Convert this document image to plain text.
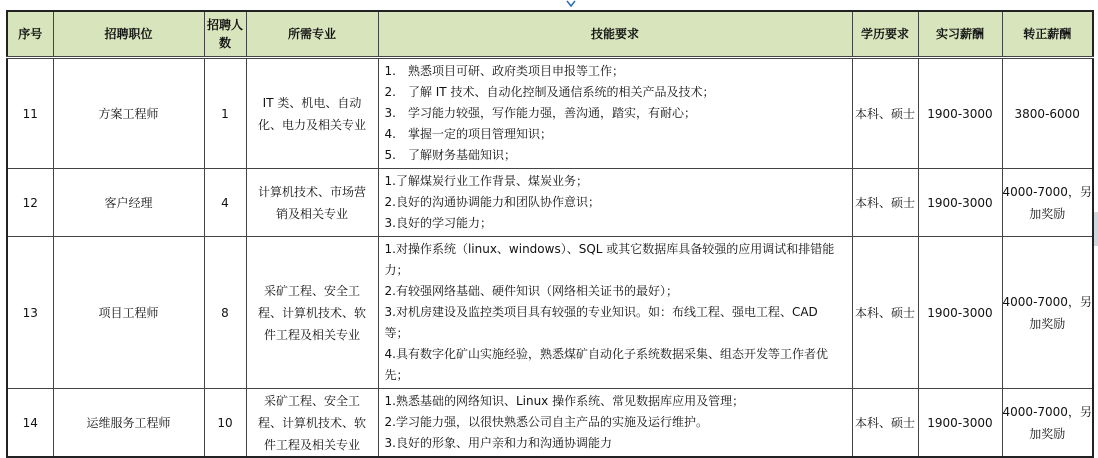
序号	招聘职位	招聘人数	所需专业	技能要求	学历要求	实习薪酬	转正薪酬
11	方案工程师	1	IT 类、机电、自动化、电力及相关专业	1.　熟悉项目可研、政府类项目申报等工作；
2.　了解 IT 技术、自动化控制及通信系统的相关产品及技术；
3.　学习能力较强，写作能力强，善沟通，踏实，有耐心；
4.　掌握一定的项目管理知识；
5.　了解财务基础知识；	本科、硕士	1900-3000	3800-6000
12	客户经理	4	计算机技术、市场营销及相关专业	1.了解煤炭行业工作背景、煤炭业务；
2.良好的沟通协调能力和团队协作意识；
3.良好的学习能力；	本科、硕士	1900-3000	4000-7000，另加奖励
13	项目工程师	8	采矿工程、安全工程、计算机技术、软件工程及相关专业	1.对操作系统（linux、windows）、SQL 或其它数据库具备较强的应用调试和排错能力；
2.有较强网络基础、硬件知识（网络相关证书的最好）；
3.对机房建设及监控类项目具有较强的专业知识。如：布线工程、强电工程、CAD 等；
4.具有数字化矿山实施经验，熟悉煤矿自动化子系统数据采集、组态开发等工作者优先；	本科、硕士	1900-3000	4000-7000，另加奖励
14	运维服务工程师	10	采矿工程、安全工程、计算机技术、软件工程及相关专业	1.熟悉基础的网络知识、Linux 操作系统、常见数据库应用及管理；
2.学习能力强，以很快熟悉公司自主产品的实施及运行维护。
3.良好的形象、用户亲和力和沟通协调能力	本科、硕士	1900-3000	4000-7000，另加奖励
